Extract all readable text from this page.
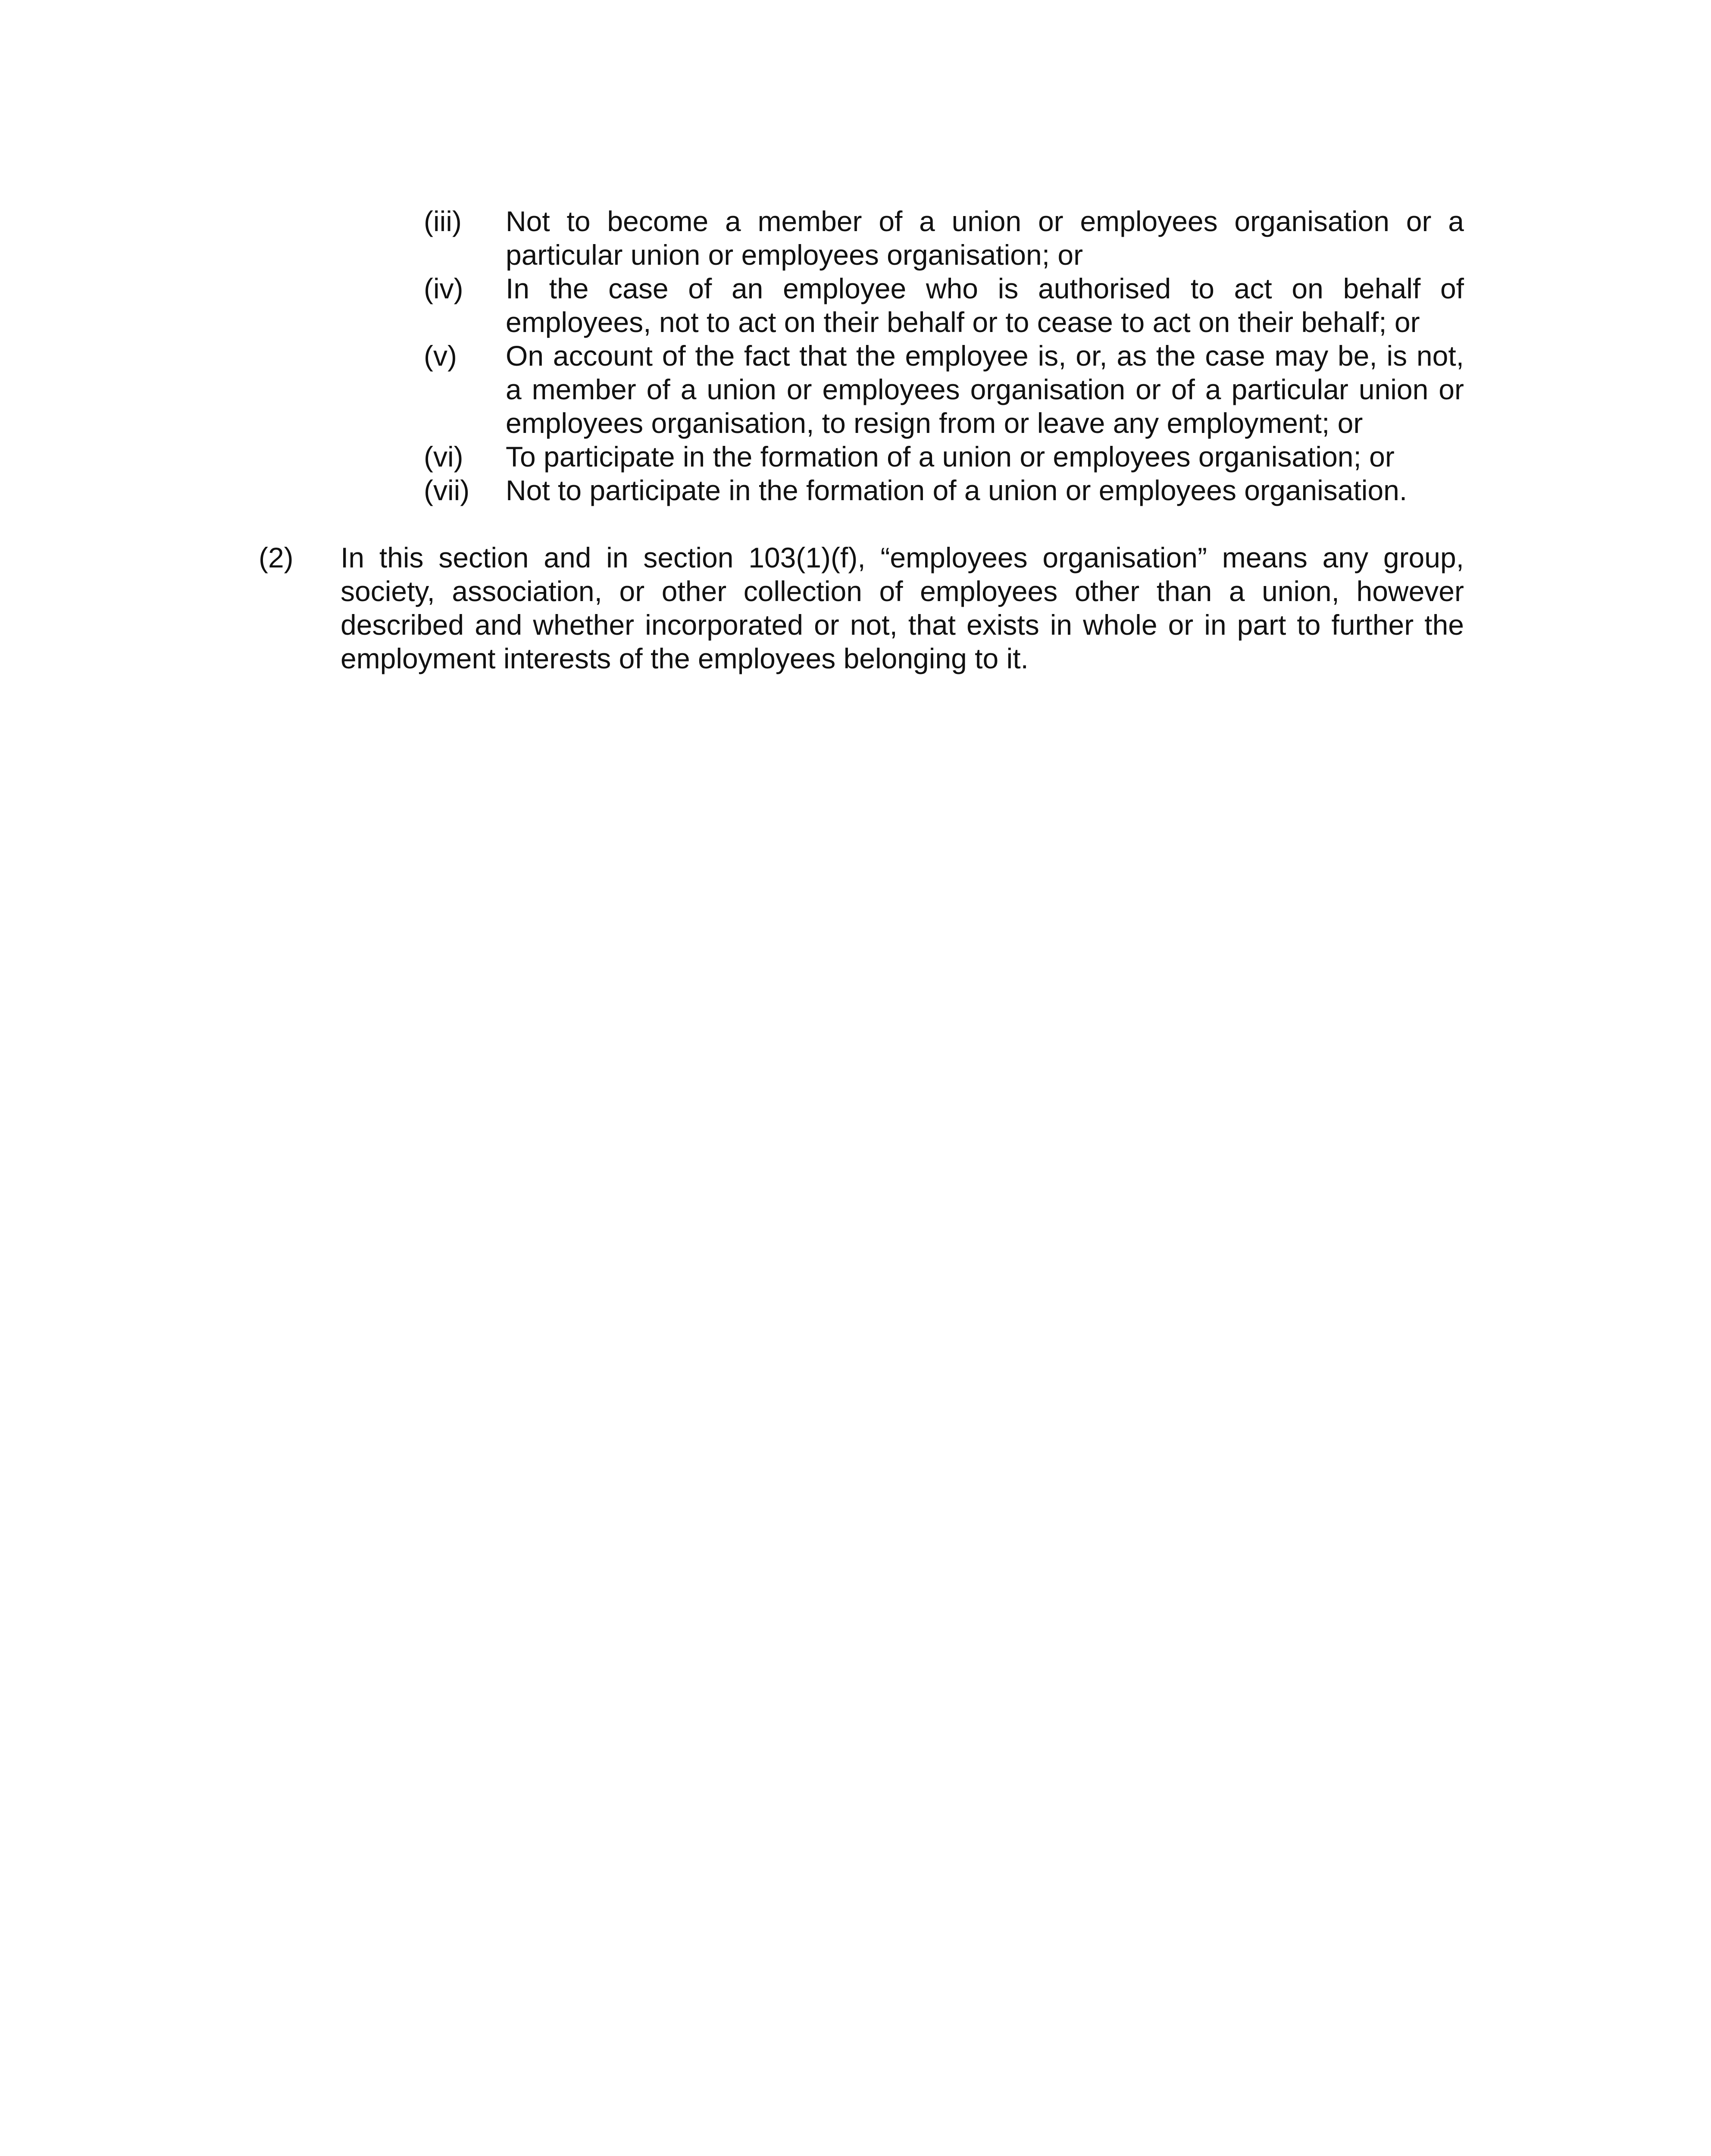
(iii)	Not to become a member of a union or employees organisation or a particular union or employees organisation; or
(iv)	In the case of an employee who is authorised to act on behalf of employees, not to act on their behalf or to cease to act on their behalf; or
(v)	On account of the fact that the employee is, or, as the case may be, is not, a member of a union or employees organisation or of a particular union or employees organisation, to resign from or leave any employment; or
(vi)	To participate in the formation of a union or employees organisation; or
(vii)	Not to participate in the formation of a union or employees organisation.
(2)	In this section and in section 103(1)(f), “employees organisation” means any group, society, association, or other collection of employees other than a union, however described and whether incorporated or not, that exists in whole or in part to further the employment interests of the employees belonging to it.
